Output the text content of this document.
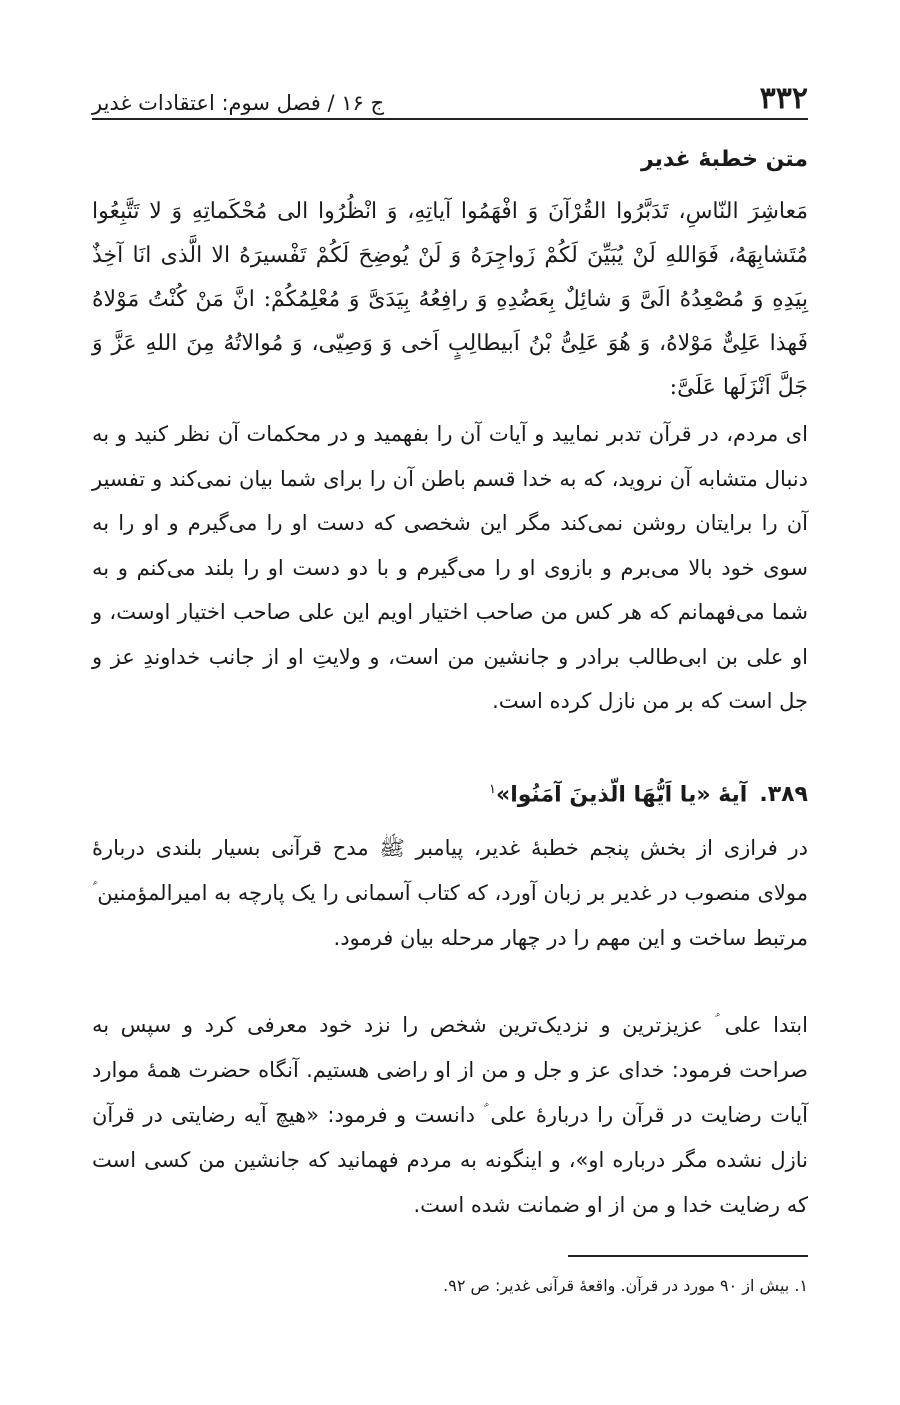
۳۳۲
ج ۱۶ / فصل سوم: اعتقادات غدیر
متن خطبهٔ غدیر
مَعاشِرَ النّاسِ، تَدَبَّرُوا القُرْآنَ وَ افْهَمُوا آیاتِهِ، وَ انْظُرُوا الی مُحْكَماتِهِ وَ لا تَتَّبِعُوا مُتَشابِهَهُ، فَوَاللهِ لَنْ یُبَیِّنَ لَكُمْ زَواجِرَهُ وَ لَنْ یُوضِحَ لَكُمْ تَفْسیرَهُ الا الَّذی انَا آخِذٌ بِیَدِهِ وَ مُصْعِدُهُ الَیَّ وَ شائِلٌ بِعَضُدِهِ وَ رافِعُهُ بِیَدَیَّ وَ مُعْلِمُكُمْ: انَّ مَنْ كُنْتُ مَوْلاهُ فَهذا عَلِیٌّ مَوْلاهُ، وَ هُوَ عَلِیُّ بْنُ اَبیطالِبٍ اَخی وَ وَصِیّی، وَ مُوالاتُهُ مِنَ اللهِ عَزَّ وَ جَلَّ اَنْزَلَها عَلَیَّ:
ای مردم، در قرآن تدبر نمایید و آیات آن را بفهمید و در محکمات آن نظر کنید و به دنبال متشابه آن نروید، که به خدا قسم باطن آن را برای شما بیان نمی‌کند و تفسیر آن را برایتان روشن نمی‌کند مگر این شخصی که دست او را می‌گیرم و او را به سوی خود بالا می‌برم و بازوی او را می‌گیرم و با دو دست او را بلند می‌کنم و به شما می‌فهمانم که هر کس من صاحب اختیار اویم این علی صاحب اختیار اوست، و او علی بن ابی‌طالب برادر و جانشین من است، و ولایتِ او از جانب خداوندِ عز و جل است که بر من نازل کرده است.
۳۸۹.آیهٔ «یا اَیُّهَا الّذینَ آمَنُوا»$^۱$
در فرازی از بخش پنجم خطبهٔ غدیر، پیامبر ﷺ مدح قرآنی بسیار بلندی دربارهٔ مولای منصوب در غدیر بر زبان آورد، که کتاب آسمانی را یک پارچه به امیرالمؤمنین ؑ مرتبط ساخت و این مهم را در چهار مرحله بیان فرمود.
ابتدا علی ؑ عزیزترین و نزدیک‌ترین شخص را نزد خود معرفی کرد و سپس به صراحت فرمود: خدای عز و جل و من از او راضی هستیم. آنگاه حضرت همهٔ موارد آیات رضایت در قرآن را دربارهٔ علی ؑ دانست و فرمود: «هیچ آیه رضایتی در قرآن نازل نشده مگر درباره او»، و اینگونه به مردم فهمانید که جانشین من کسی است که رضایت خدا و من از او ضمانت شده است.
۱. بیش از ۹۰ مورد در قرآن. واقعهٔ قرآنی غدیر: ص ۹۲.
